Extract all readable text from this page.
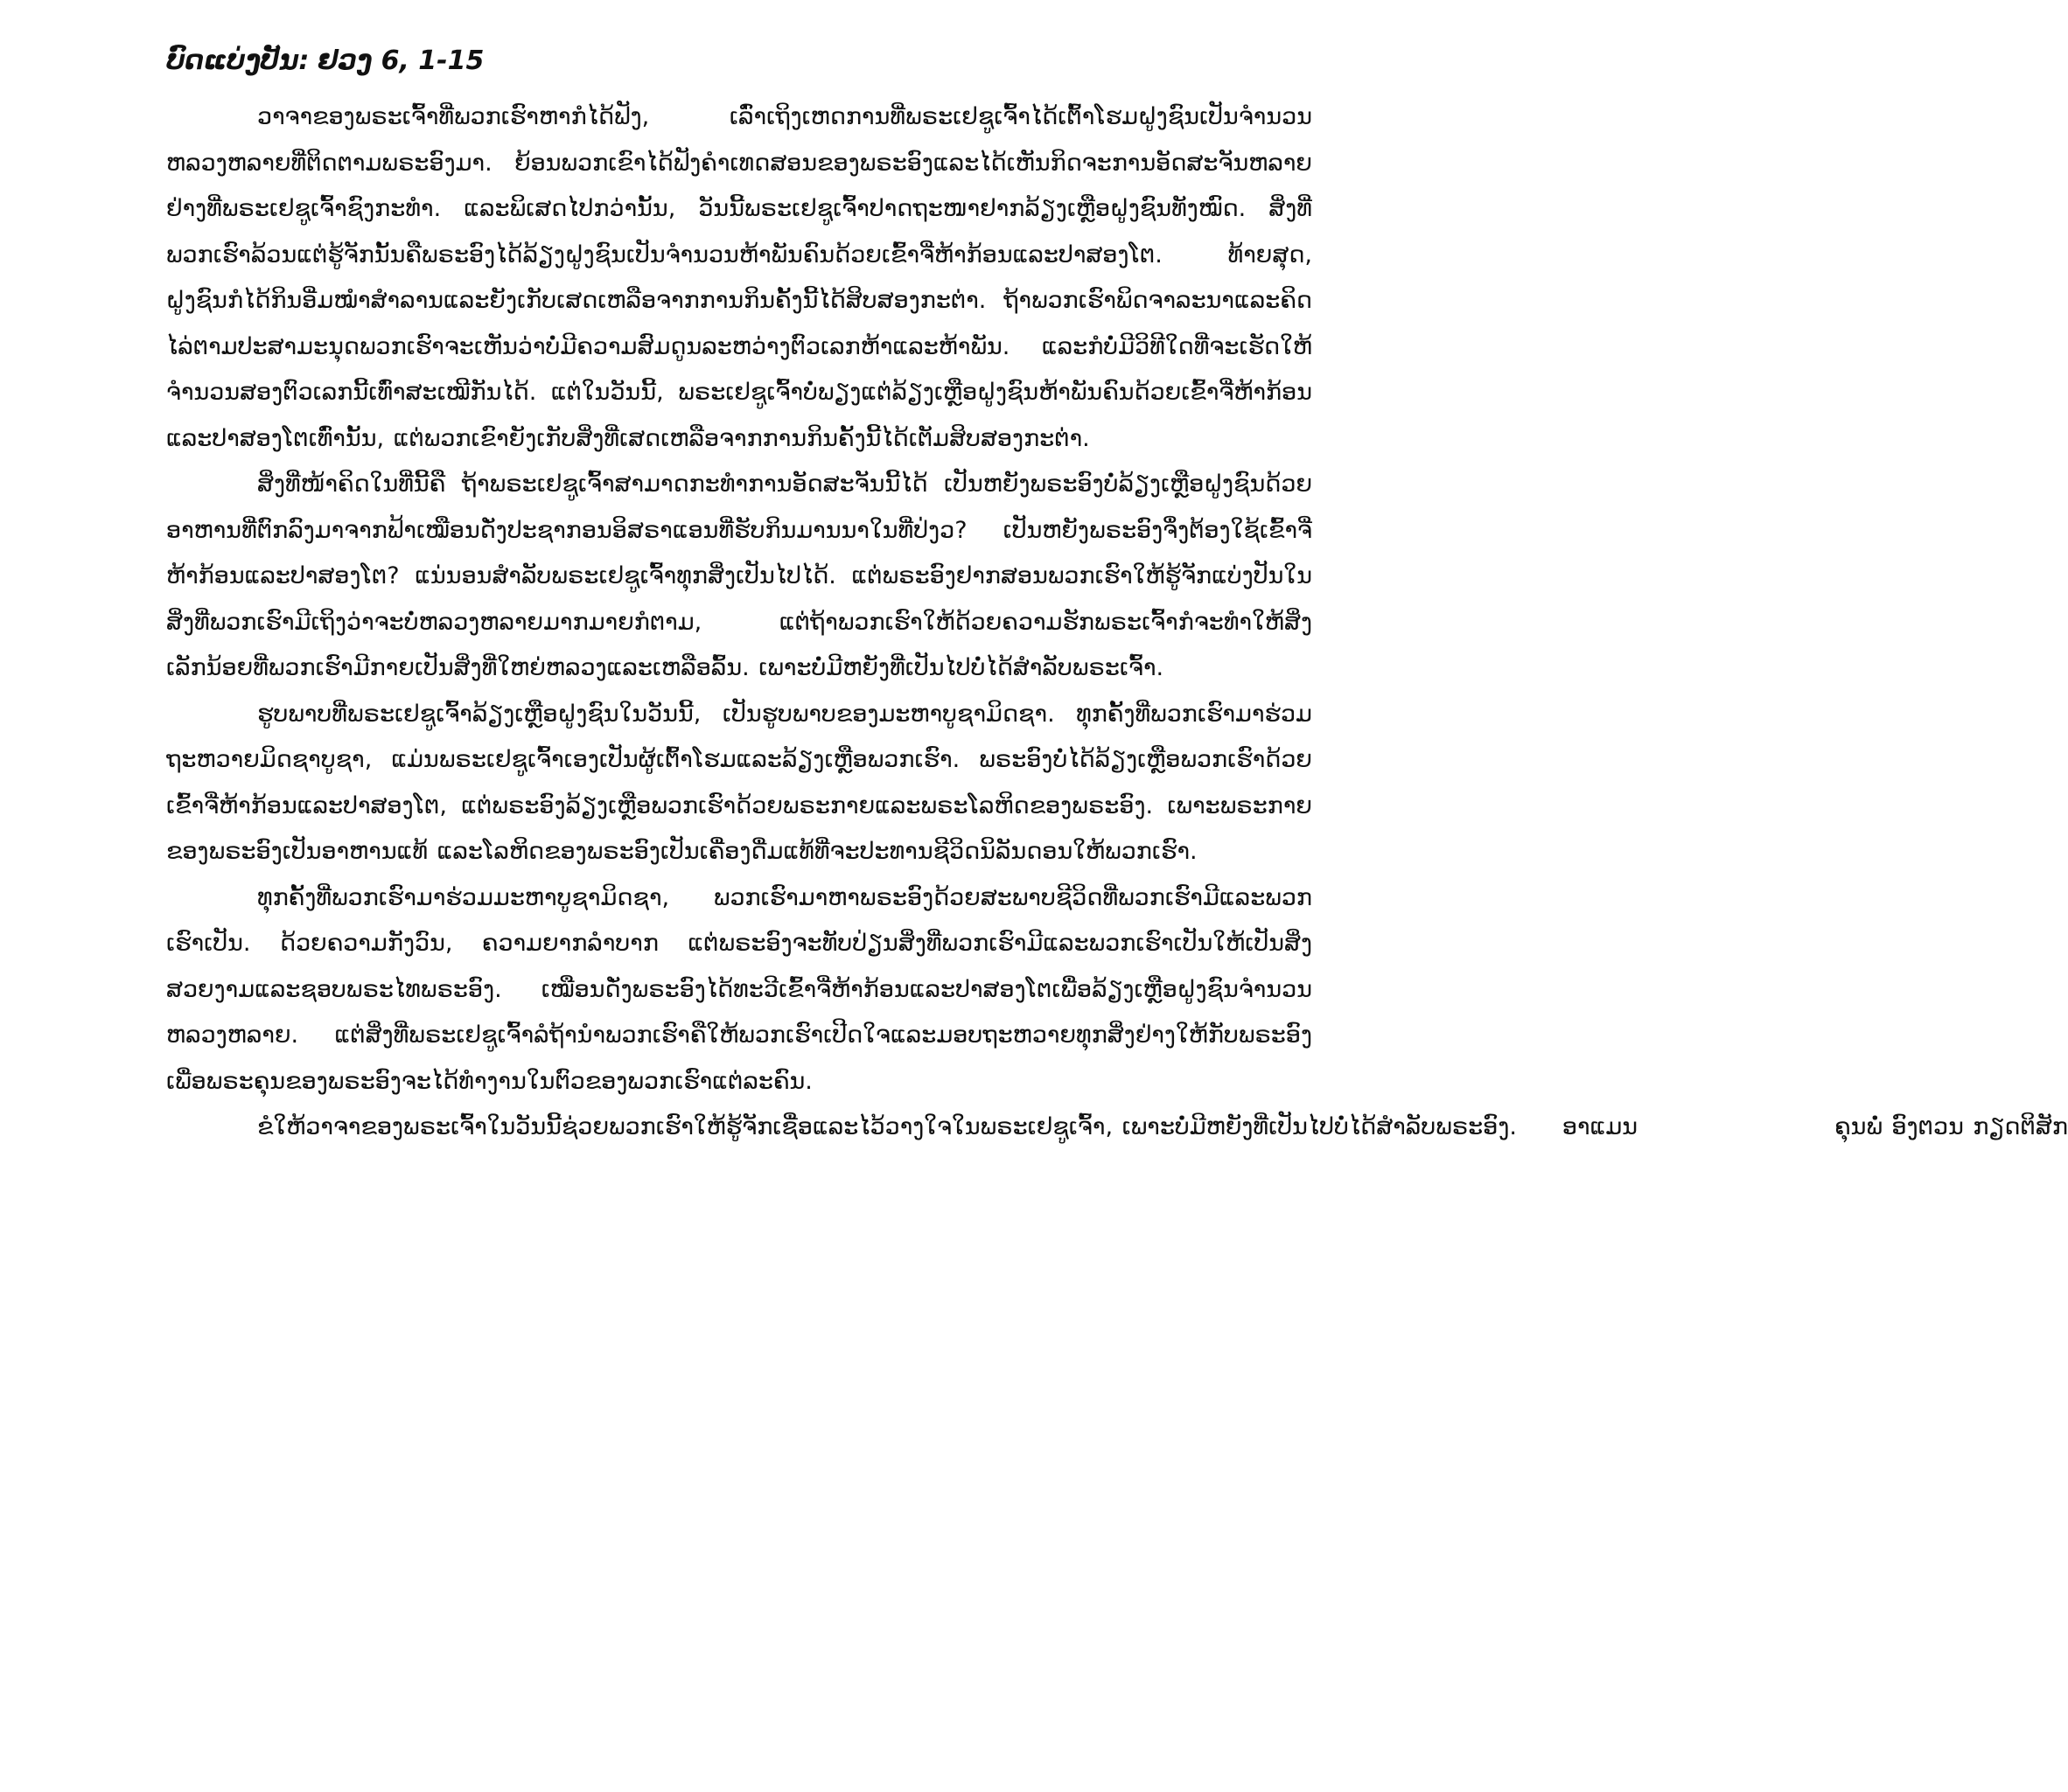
ບົດແບ່ງປັນ: ຢວງ 6, 1-15

ວາຈາຂອງພຣະເຈົ້າທີ່ພວກເຮົາຫາກໍໄດ້ຟັງ, ເລົ່າເຖິງເຫດການທີ່ພຣະເຢຊູເຈົ້າໄດ້ເຕົ້າໂຮມຝູງຊົນເປັນຈຳນວນຫລວງຫລາຍທີ່ຕິດຕາມພຣະອົງມາ. ຍ້ອນພວກເຂົາໄດ້ຟັງຄຳເທດສອນຂອງພຣະອົງແລະໄດ້ເຫັນກິດຈະການອັດສະຈັນຫລາຍຢ່າງທີ່ພຣະເຢຊູເຈົ້າຊົງກະທຳ. ແລະພິເສດໄປກວ່ານັ້ນ, ວັນນີ້ພຣະເຢຊູເຈົ້າປາດຖະໜາຢາກລ້ຽງເຫຼືອຝູງຊົນທັງໝົດ. ສິ່ງທີ່ພວກເຮົາລ້ວນແຕ່ຮູ້ຈັກນັ້ນຄືພຣະອົງໄດ້ລ້ຽງຝູງຊົນເປັນຈຳນວນຫ້າພັນຄົນດ້ວຍເຂົ້າຈີ່ຫ້າກ້ອນແລະປາສອງໂຕ. ທ້າຍສຸດ, ຝູງຊົນກໍໄດ້ກິນອີ່ມໝຳສຳລານແລະຍັງເກັບເສດເຫລືອຈາກການກິນຄັ້ງນີ້ໄດ້ສິບສອງກະຕ່າ. ຖ້າພວກເຮົາພິດຈາລະນາແລະຄິດໄລ່ຕາມປະສາມະນຸດພວກເຮົາຈະເຫັນວ່າບໍ່ມີຄວາມສົມດູນລະຫວ່າງຕົວເລກຫ້າແລະຫ້າພັນ. ແລະກໍບໍ່ມີວິທີໃດທີ່ຈະເຮັດໃຫ້ຈຳນວນສອງຕົວເລກນີ້ເທົ່າສະເໝີກັນໄດ້. ແຕ່ໃນວັນນີ້, ພຣະເຢຊູເຈົ້າບໍ່ພຽງແຕ່ລ້ຽງເຫຼືອຝູງຊົນຫ້າພັນຄົນດ້ວຍເຂົ້າຈີ່ຫ້າກ້ອນແລະປາສອງໂຕເທົ່ານັ້ນ, ແຕ່ພວກເຂົາຍັງເກັບສິ່ງທີ່ເສດເຫລືອຈາກການກິນຄັ້ງນີ້ໄດ້ເຕັມສິບສອງກະຕ່າ.

ສິ່ງທີ່ໜ້າຄິດໃນທີ່ນີ້ຄື ຖ້າພຣະເຢຊູເຈົ້າສາມາດກະທຳການອັດສະຈັນນີ້ໄດ້ ເປັນຫຍັງພຣະອົງບໍ່ລ້ຽງເຫຼືອຝູງຊົນດ້ວຍອາຫານທີ່ຕົກລົງມາຈາກຟ້າເໝືອນດັ່ງປະຊາກອນອິສຣາແອນທີ່ຮັບກິນມານນາໃນທີ່ປ່ງວ? ເປັນຫຍັງພຣະອົງຈຶ່ງຕ້ອງໃຊ້ເຂົ້າຈີ່ຫ້າກ້ອນແລະປາສອງໂຕ? ແນ່ນອນສຳລັບພຣະເຢຊູເຈົ້າທຸກສິ່ງເປັນໄປໄດ້. ແຕ່ພຣະອົງຢາກສອນພວກເຮົາໃຫ້ຮູ້ຈັກແບ່ງປັນໃນສິ່ງທີ່ພວກເຮົາມີເຖິງວ່າຈະບໍ່ຫລວງຫລາຍມາກມາຍກໍຕາມ, ແຕ່ຖ້າພວກເຮົາໃຫ້ດ້ວຍຄວາມຮັກພຣະເຈົ້າກໍຈະທຳໃຫ້ສິ່ງເລັກນ້ອຍທີ່ພວກເຮົາມີກາຍເປັນສິ່ງທີ່ໃຫຍ່ຫລວງແລະເຫລືອລົ້ນ. ເພາະບໍ່ມີຫຍັງທີ່ເປັນໄປບໍ່ໄດ້ສຳລັບພຣະເຈົ້າ.

ຮູບພາບທີ່ພຣະເຢຊູເຈົ້າລ້ຽງເຫຼືອຝູງຊົນໃນວັນນີ້, ເປັນຮູບພາບຂອງມະຫາບູຊາມິດຊາ. ທຸກຄັ້ງທີ່ພວກເຮົາມາຮ່ວມຖະຫວາຍມິດຊາບູຊາ, ແມ່ນພຣະເຢຊູເຈົ້າເອງເປັນຜູ້ເຕົ້າໂຮມແລະລ້ຽງເຫຼືອພວກເຮົາ. ພຣະອົງບໍ່ໄດ້ລ້ຽງເຫຼືອພວກເຮົາດ້ວຍເຂົ້າຈີ່ຫ້າກ້ອນແລະປາສອງໂຕ, ແຕ່ພຣະອົງລ້ຽງເຫຼືອພວກເຮົາດ້ວຍພຣະກາຍແລະພຣະໂລຫິດຂອງພຣະອົງ. ເພາະພຣະກາຍຂອງພຣະອົງເປັນອາຫານແທ້ ແລະໂລຫິດຂອງພຣະອົງເປັນເຄື່ອງດື່ມແທ້ທີ່ຈະປະທານຊີວິດນິລັນດອນໃຫ້ພວກເຮົາ.

ທຸກຄັ້ງທີ່ພວກເຮົາມາຮ່ວມມະຫາບູຊາມິດຊາ, ພວກເຮົາມາຫາພຣະອົງດ້ວຍສະພາບຊີວິດທີ່ພວກເຮົາມີແລະພວກເຮົາເປັນ. ດ້ວຍຄວາມກັງວົນ, ຄວາມຍາກລຳບາກ ແຕ່ພຣະອົງຈະທັບປ່ຽນສິ່ງທີ່ພວກເຮົາມີແລະພວກເຮົາເປັນໃຫ້ເປັນສິ່ງສວຍງາມແລະຊອບພຣະໄທພຣະອົງ. ເໝືອນດັ່ງພຣະອົງໄດ້ທະວີເຂົ້າຈີ່ຫ້າກ້ອນແລະປາສອງໂຕເພື່ອລ້ຽງເຫຼືອຝູງຊົນຈຳນວນຫລວງຫລາຍ. ແຕ່ສິ່ງທີ່ພຣະເຢຊູເຈົ້າລໍຖ້ານຳພວກເຮົາຄືໃຫ້ພວກເຮົາເປີດໃຈແລະມອບຖະຫວາຍທຸກສິ່ງຢ່າງໃຫ້ກັບພຣະອົງ ເພື່ອພຣະຄຸນຂອງພຣະອົງຈະໄດ້ທຳງານໃນຕົວຂອງພວກເຮົາແຕ່ລະຄົນ.

ຂໍໃຫ້ວາຈາຂອງພຣະເຈົ້າໃນວັນນີ້ຊ່ວຍພວກເຮົາໃຫ້ຮູ້ຈັກເຊື່ອແລະໄວ້ວາງໃຈໃນພຣະເຢຊູເຈົ້າ, ເພາະບໍ່ມີຫຍັງທີ່ເປັນໄປບໍ່ໄດ້ສຳລັບພຣະອົງ. ອາແມນ	ຄຸນພໍ່ ອົງຕວນ ກຽດຕິສັກ
